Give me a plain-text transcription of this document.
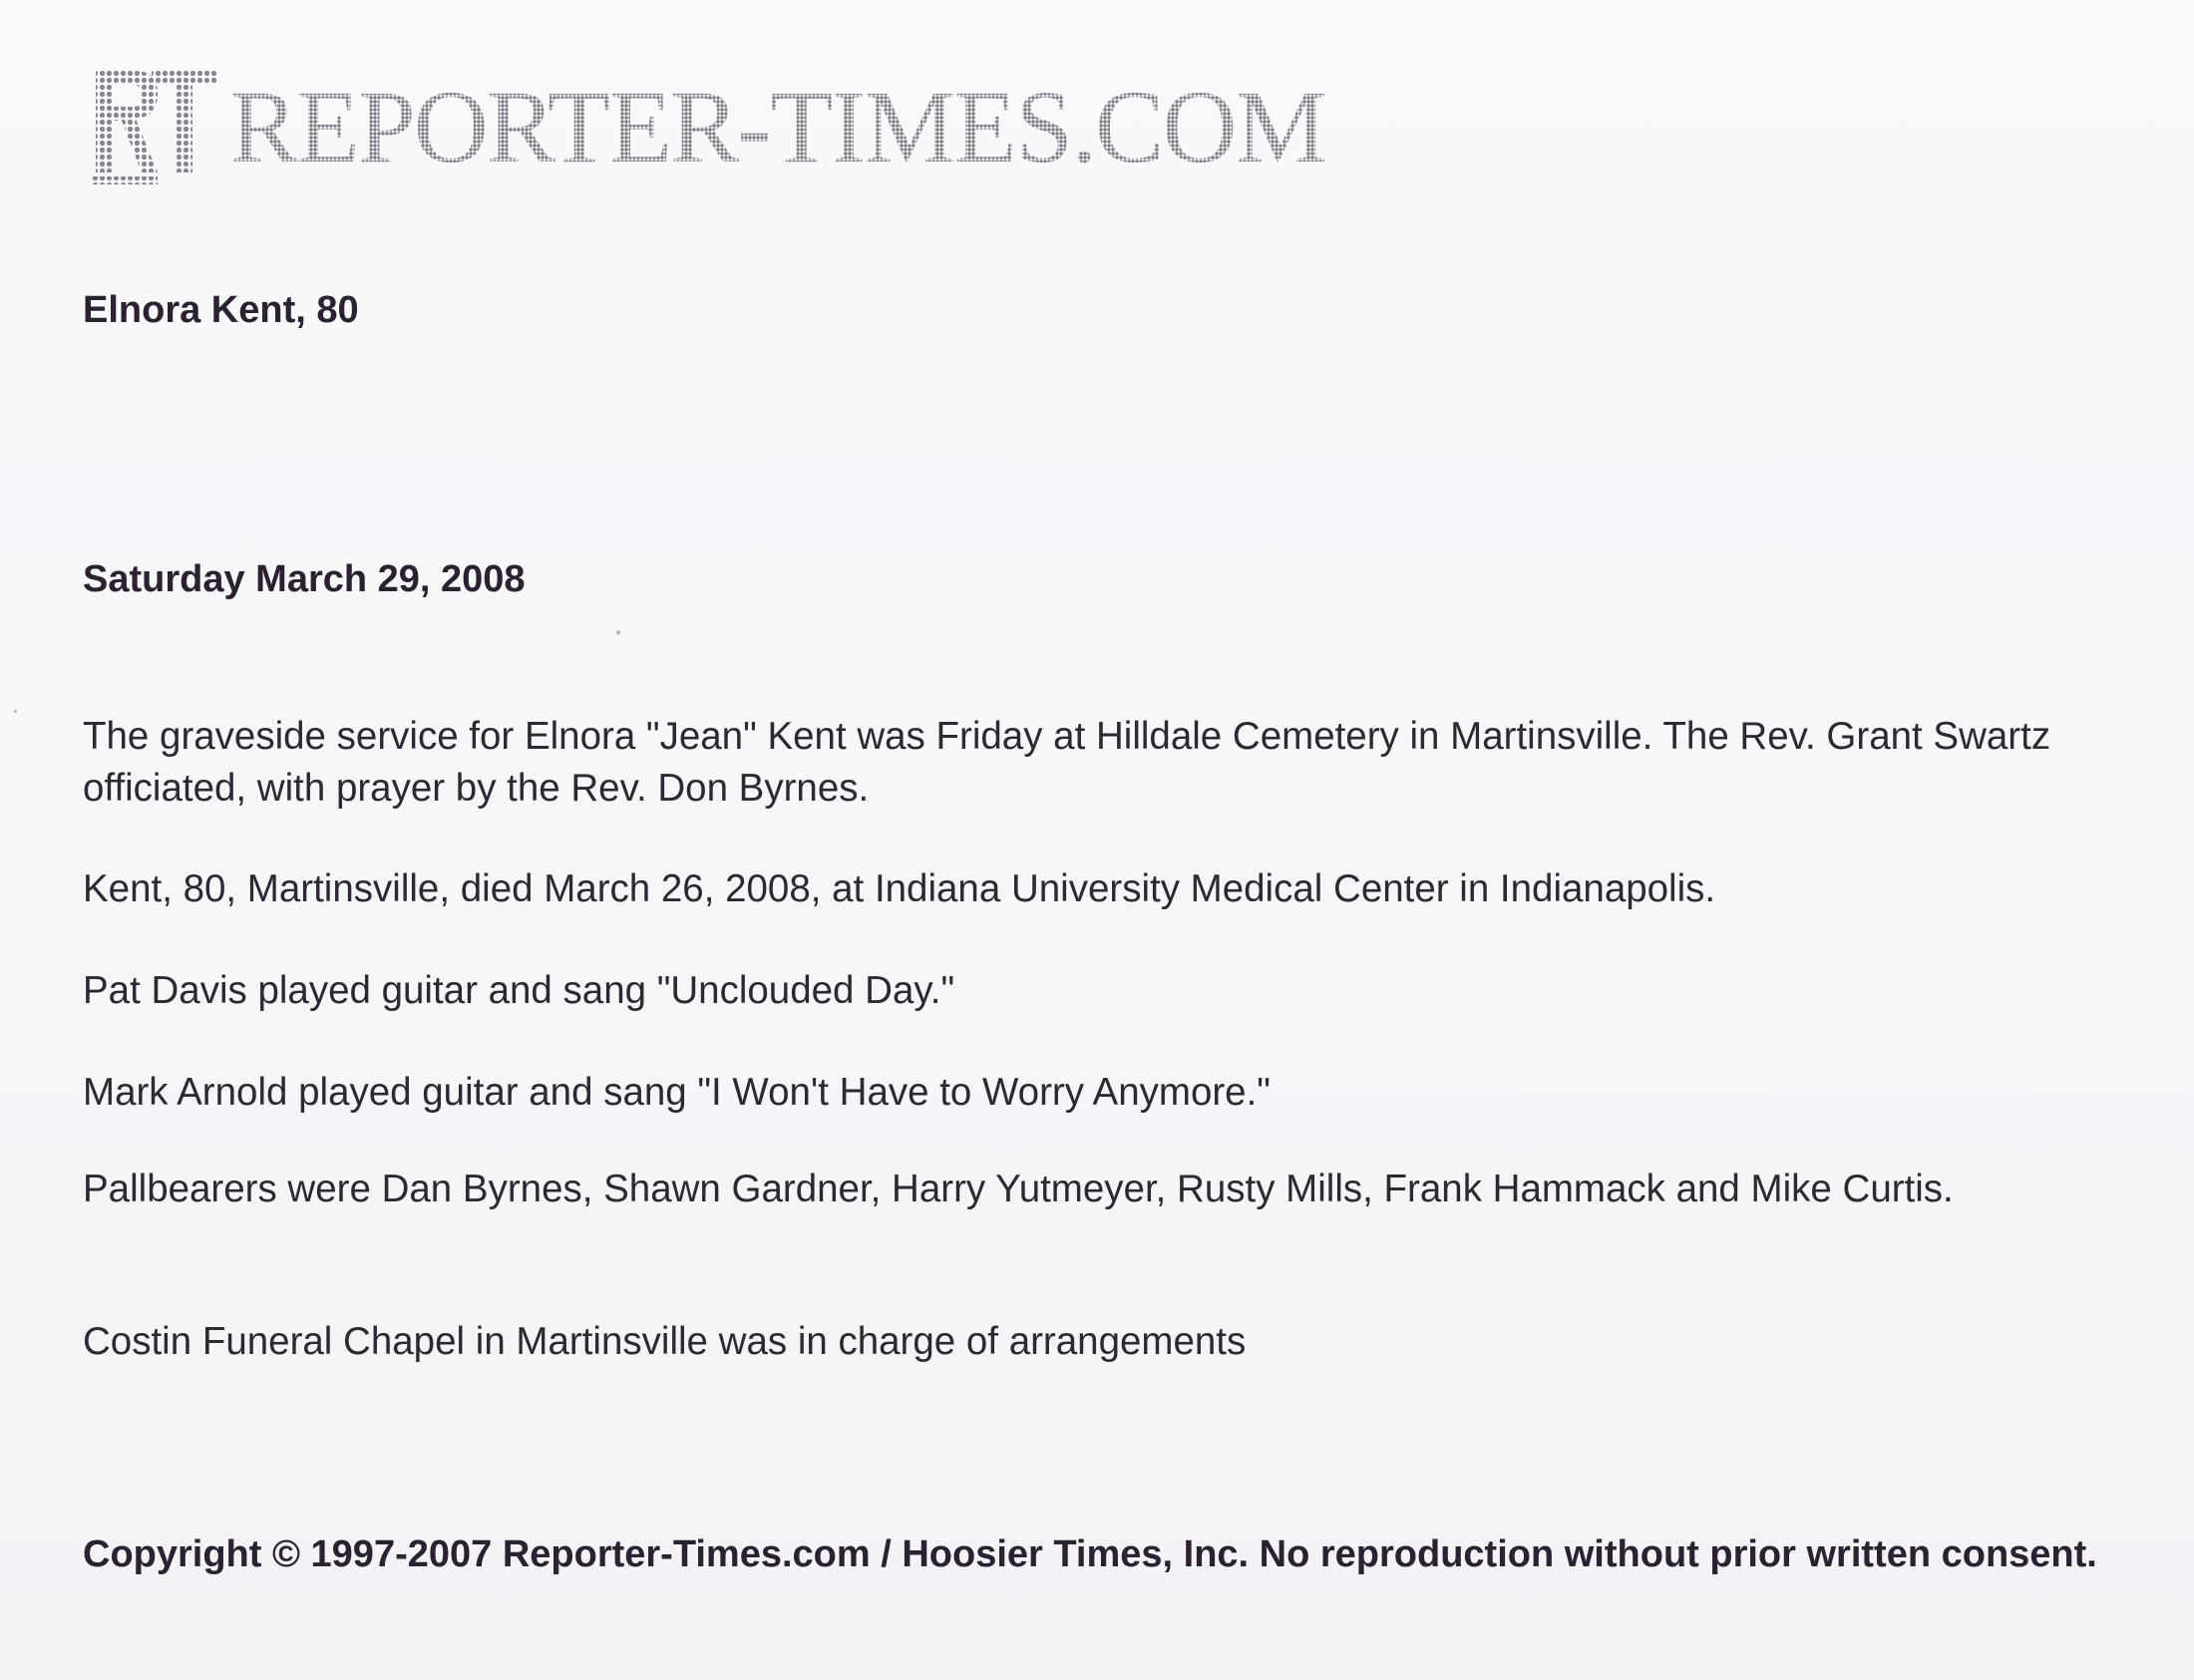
REPORTER-TIMES.COM
Elnora Kent, 80

Saturday March 29, 2008

The graveside service for Elnora "Jean" Kent was Friday at Hilldale Cemetery in Martinsville. The Rev. Grant Swartz officiated, with prayer by the Rev. Don Byrnes.

Kent, 80, Martinsville, died March 26, 2008, at Indiana University Medical Center in Indianapolis.

Pat Davis played guitar and sang "Unclouded Day."

Mark Arnold played guitar and sang "I Won't Have to Worry Anymore."

Pallbearers were Dan Byrnes, Shawn Gardner, Harry Yutmeyer, Rusty Mills, Frank Hammack and Mike Curtis.

Costin Funeral Chapel in Martinsville was in charge of arrangements

Copyright © 1997-2007 Reporter-Times.com / Hoosier Times, Inc. No reproduction without prior written consent.
